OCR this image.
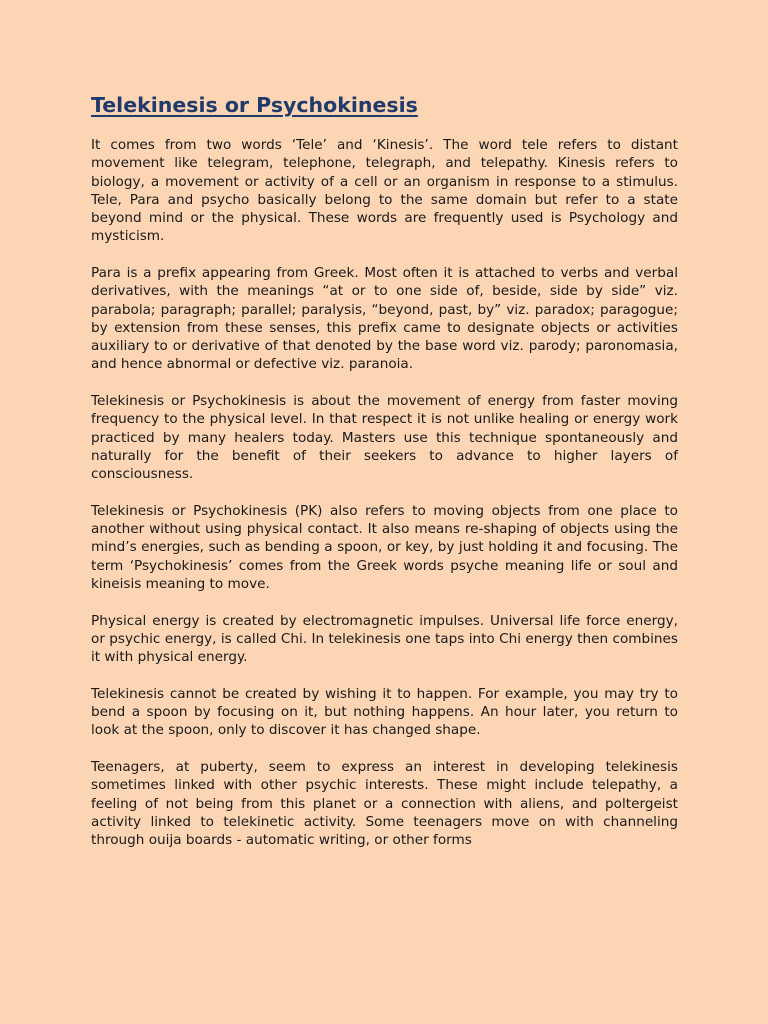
Telekinesis or Psychokinesis

It comes from two words ‘Tele’ and ‘Kinesis’. The word tele refers to distant movement like telegram, telephone, telegraph, and telepathy. Kinesis refers to biology, a movement or activity of a cell or an organism in response to a stimulus. Tele, Para and psycho basically belong to the same domain but refer to a state beyond mind or the physical. These words are frequently used is Psychology and mysticism.

Para is a prefix appearing from Greek. Most often it is attached to verbs and verbal derivatives, with the meanings “at or to one side of, beside, side by side” viz. parabola; paragraph; parallel; paralysis, “beyond, past, by” viz. paradox; paragogue; by extension from these senses, this prefix came to designate objects or activities auxiliary to or derivative of that denoted by the base word viz. parody; paronomasia, and hence abnormal or defective viz. paranoia.

Telekinesis or Psychokinesis is about the movement of energy from faster moving frequency to the physical level. In that respect it is not unlike healing or energy work practiced by many healers today. Masters use this technique spontaneously and naturally for the benefit of their seekers to advance to higher layers of consciousness.

Telekinesis or Psychokinesis (PK) also refers to moving objects from one place to another without using physical contact. It also means re-shaping of objects using the mind’s energies, such as bending a spoon, or key, by just holding it and focusing. The term ‘Psychokinesis’ comes from the Greek words psyche meaning life or soul and kineisis meaning to move.

Physical energy is created by electromagnetic impulses. Universal life force energy, or psychic energy, is called Chi. In telekinesis one taps into Chi energy then combines it with physical energy.

Telekinesis cannot be created by wishing it to happen. For example, you may try to bend a spoon by focusing on it, but nothing happens. An hour later, you return to look at the spoon, only to discover it has changed shape.

Teenagers, at puberty, seem to express an interest in developing telekinesis sometimes linked with other psychic interests. These might include telepathy, a feeling of not being from this planet or a connection with aliens, and poltergeist activity linked to telekinetic activity. Some teenagers move on with channeling through ouija boards - automatic writing, or other forms
